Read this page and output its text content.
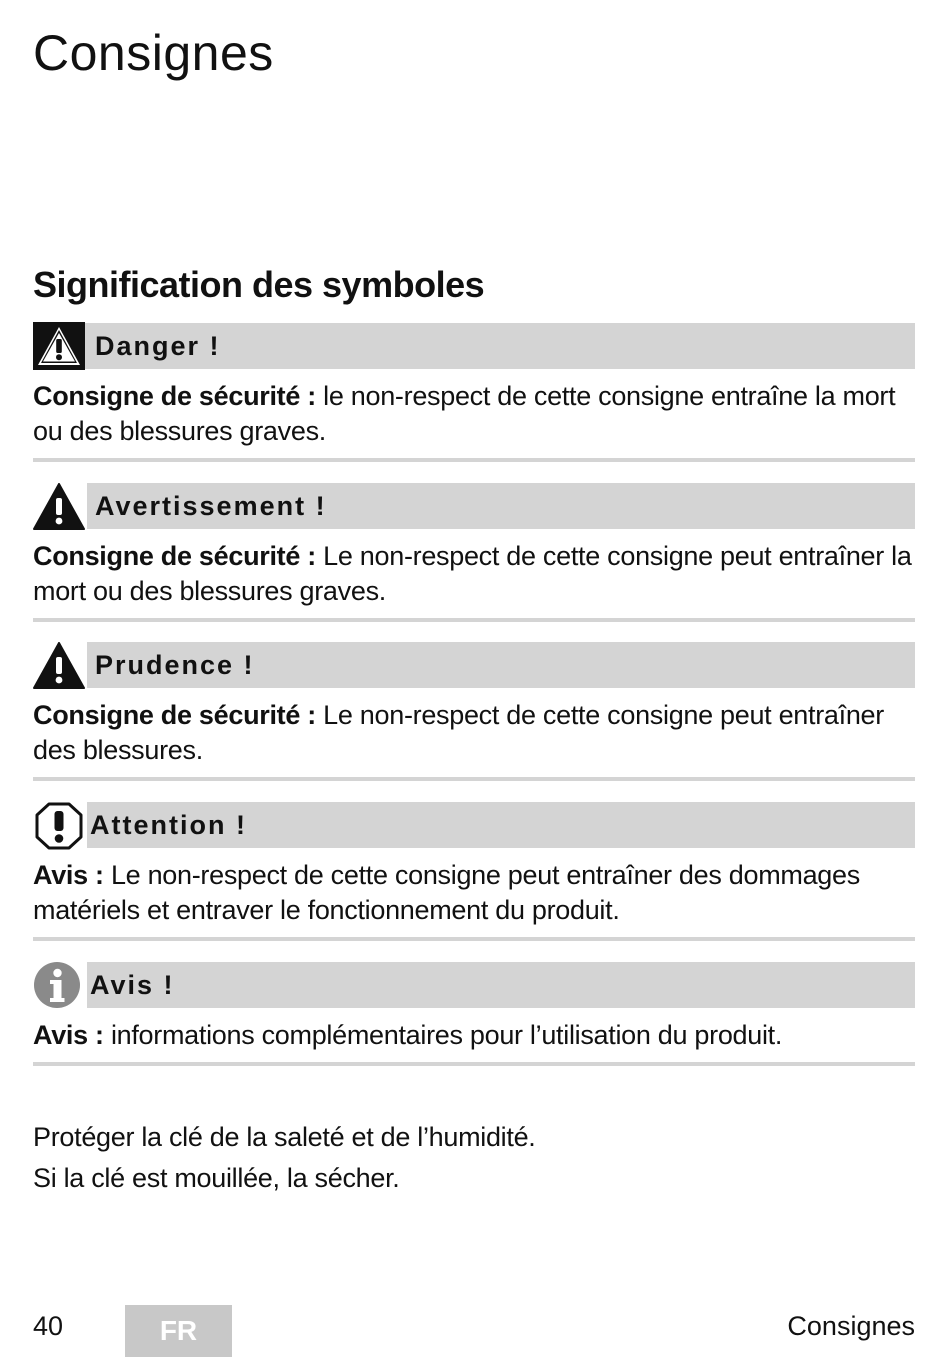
Consignes
Signification des symboles
Danger !
Consigne de sécurité : le non-respect de cette consigne entraîne la mort ou des blessures graves.
Avertissement !
Consigne de sécurité : Le non-respect de cette consigne peut entraîner la mort ou des blessures graves.
Prudence !
Consigne de sécurité : Le non-respect de cette consigne peut entraîner des blessures.
Attention !
Avis : Le non-respect de cette consigne peut entraîner des dommages matériels et entraver le fonctionnement du produit.
Avis !
Avis : informations complémentaires pour l’utilisation du produit.

Protéger la clé de la saleté et de l’humidité.

Si la clé est mouillée, la sécher.

40	FR	Consignes
